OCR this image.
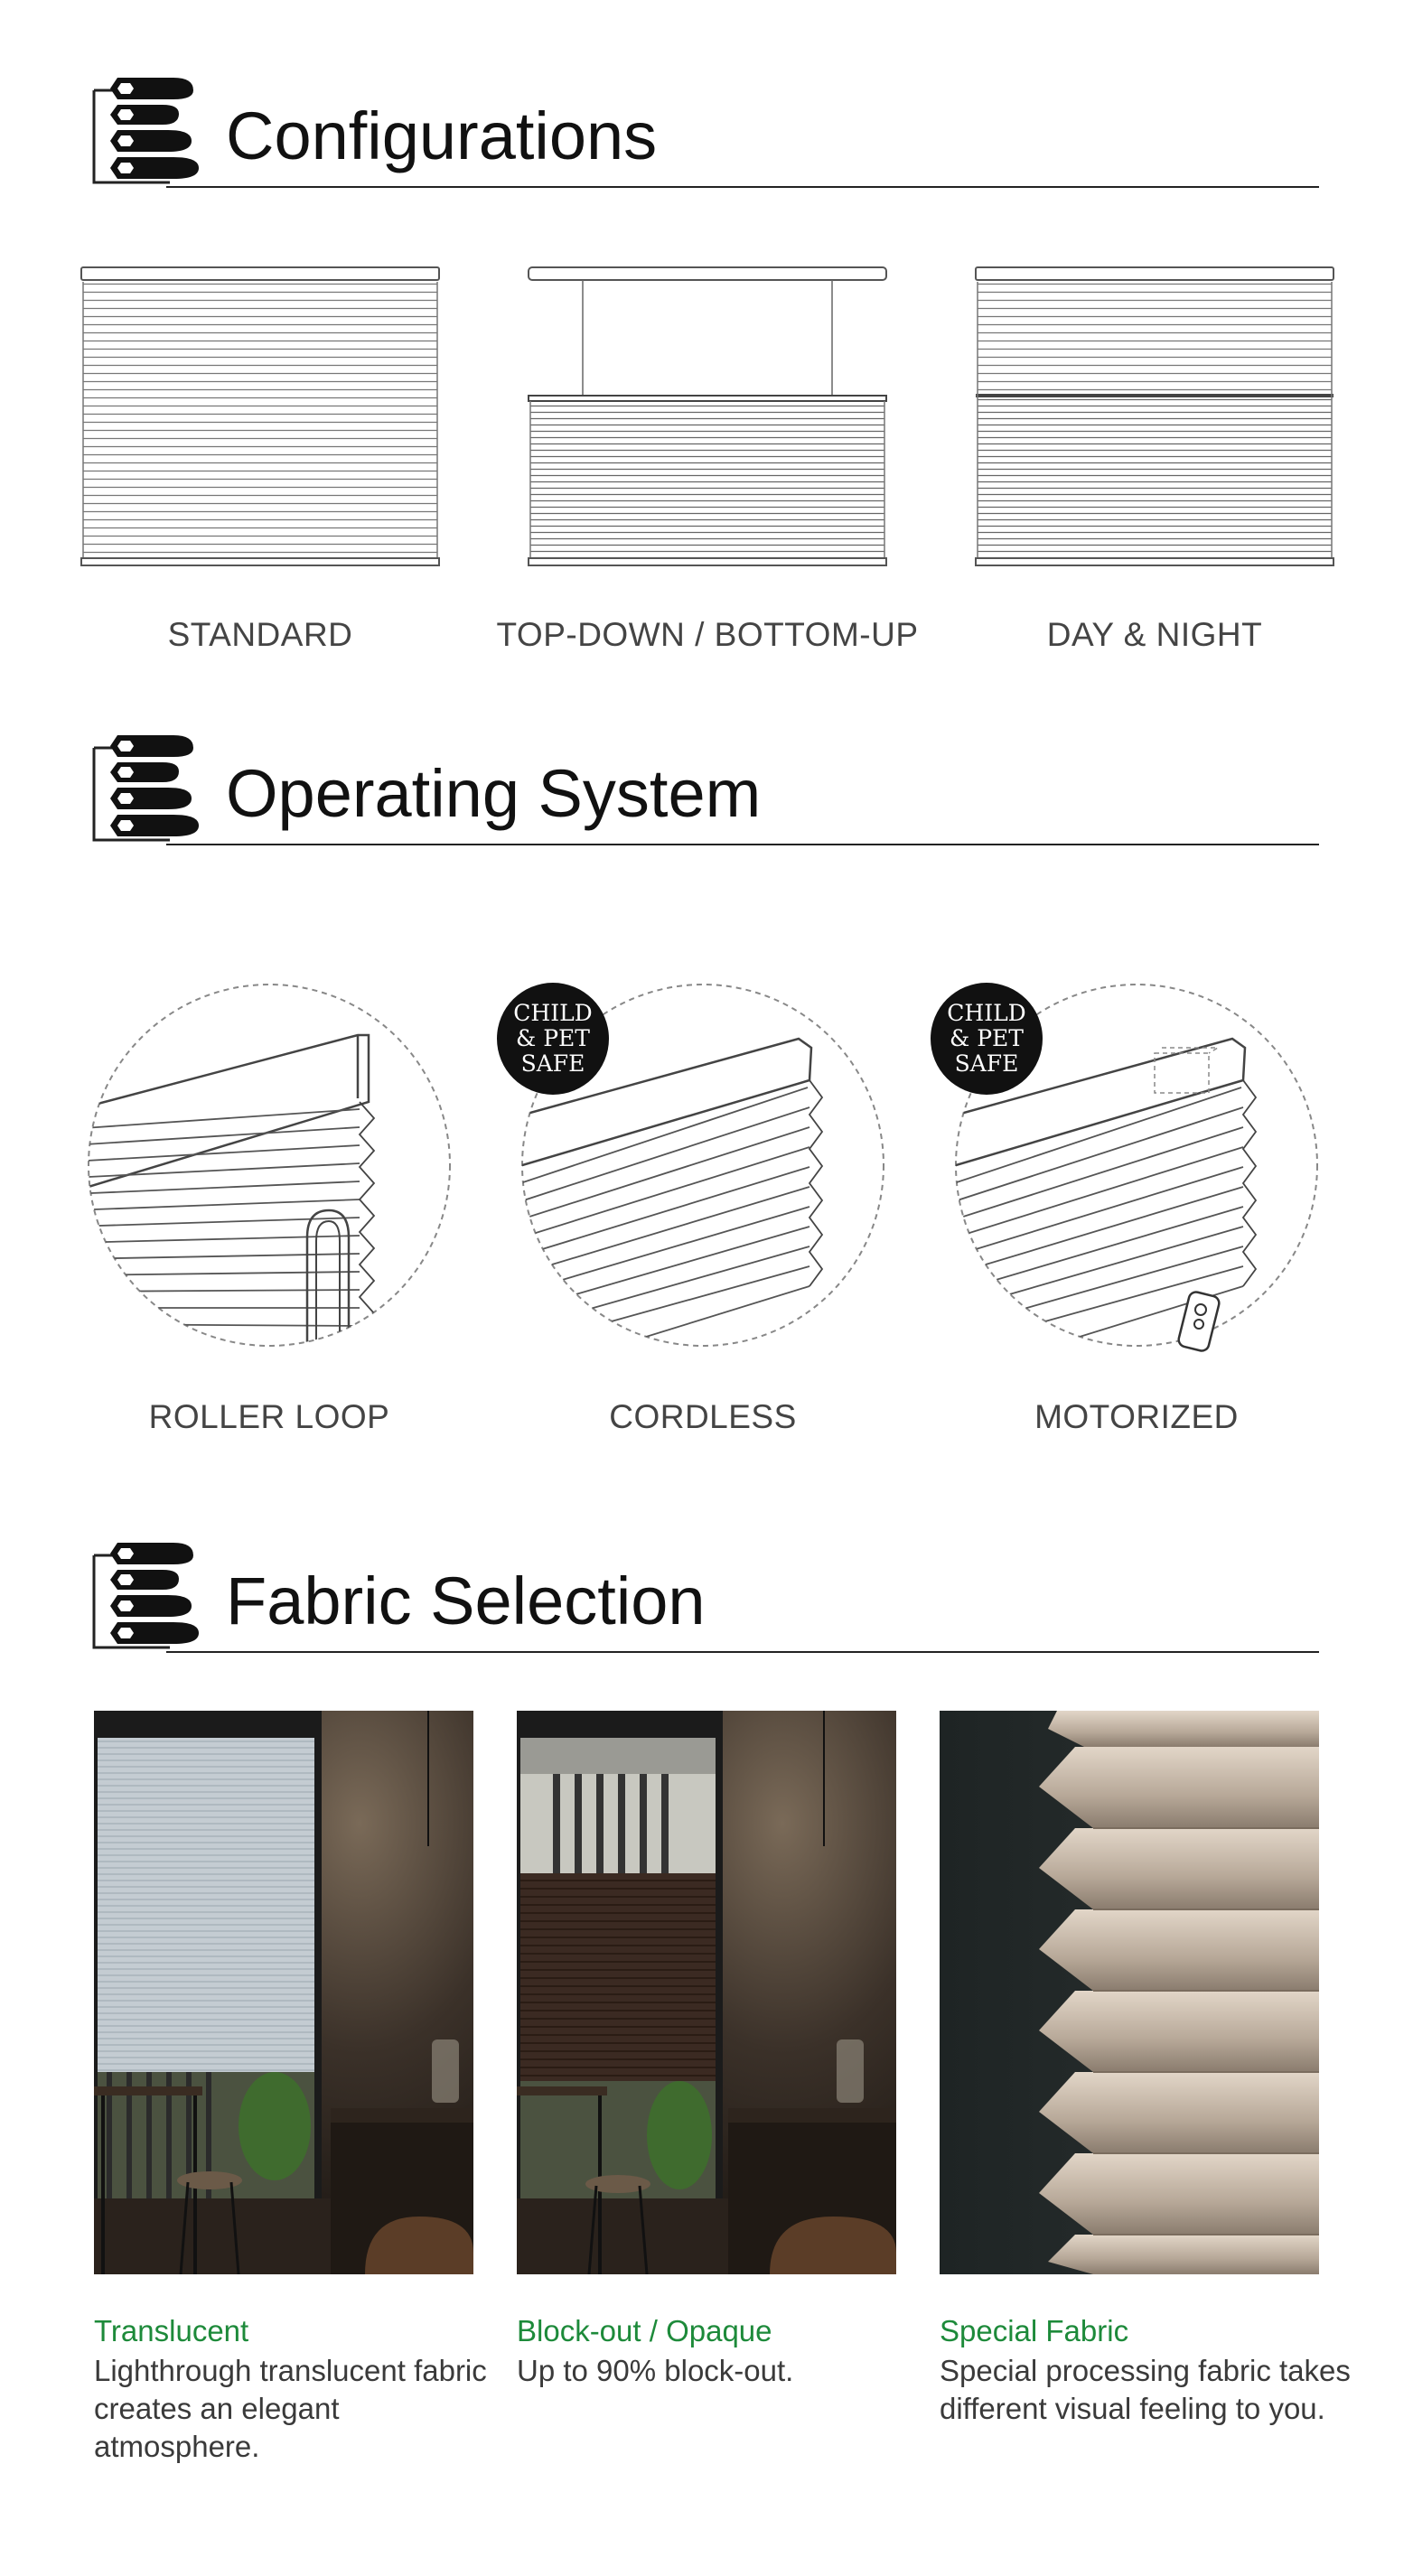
Configurations
STANDARD	TOP-DOWN / BOTTOM-UP	DAY & NIGHT
Operating System
ROLLER LOOP
CHILD
& PET
SAFE
CORDLESS
CHILD
& PET
SAFE
MOTORIZED
Fabric Selection
Translucent
Lighthrough translucent fabric creates an elegant atmosphere.
Block-out / Opaque
Up to 90% block-out.
Special Fabric
Special processing fabric takes different visual feeling to you.
